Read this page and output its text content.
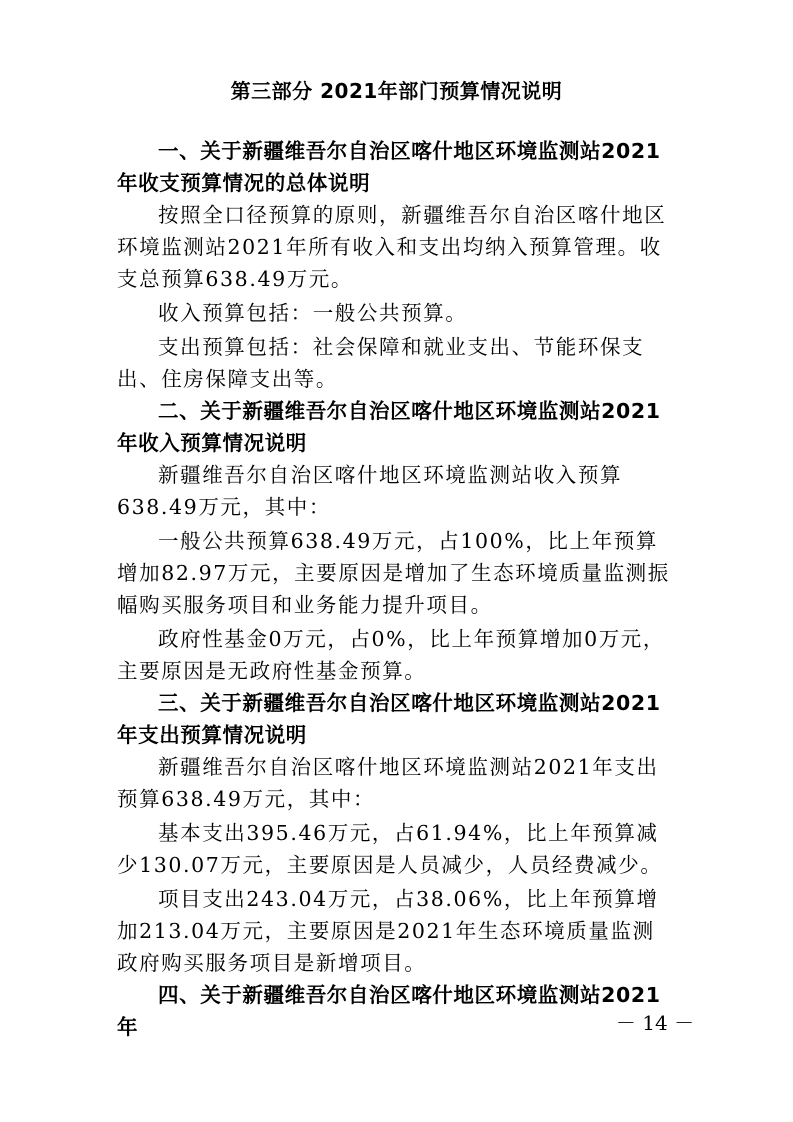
第三部分 2021年部门预算情况说明
一、关于新疆维吾尔自治区喀什地区环境监测站2021年收支预算情况的总体说明
按照全口径预算的原则，新疆维吾尔自治区喀什地区环境监测站2021年所有收入和支出均纳入预算管理。收支总预算638.49万元。
收入预算包括：一般公共预算。
支出预算包括：社会保障和就业支出、节能环保支出、住房保障支出等。
二、关于新疆维吾尔自治区喀什地区环境监测站2021年收入预算情况说明
新疆维吾尔自治区喀什地区环境监测站收入预算638.49万元，其中：
一般公共预算638.49万元，占100%，比上年预算增加82.97万元，主要原因是增加了生态环境质量监测振幅购买服务项目和业务能力提升项目。
政府性基金0万元，占0%，比上年预算增加0万元，主要原因是无政府性基金预算。
三、关于新疆维吾尔自治区喀什地区环境监测站2021年支出预算情况说明
新疆维吾尔自治区喀什地区环境监测站2021年支出预算638.49万元，其中：
基本支出395.46万元，占61.94%，比上年预算减少130.07万元，主要原因是人员减少，人员经费减少。
项目支出243.04万元，占38.06%，比上年预算增加213.04万元，主要原因是2021年生态环境质量监测政府购买服务项目是新增项目。
四、关于新疆维吾尔自治区喀什地区环境监测站2021年	－ 14 －
